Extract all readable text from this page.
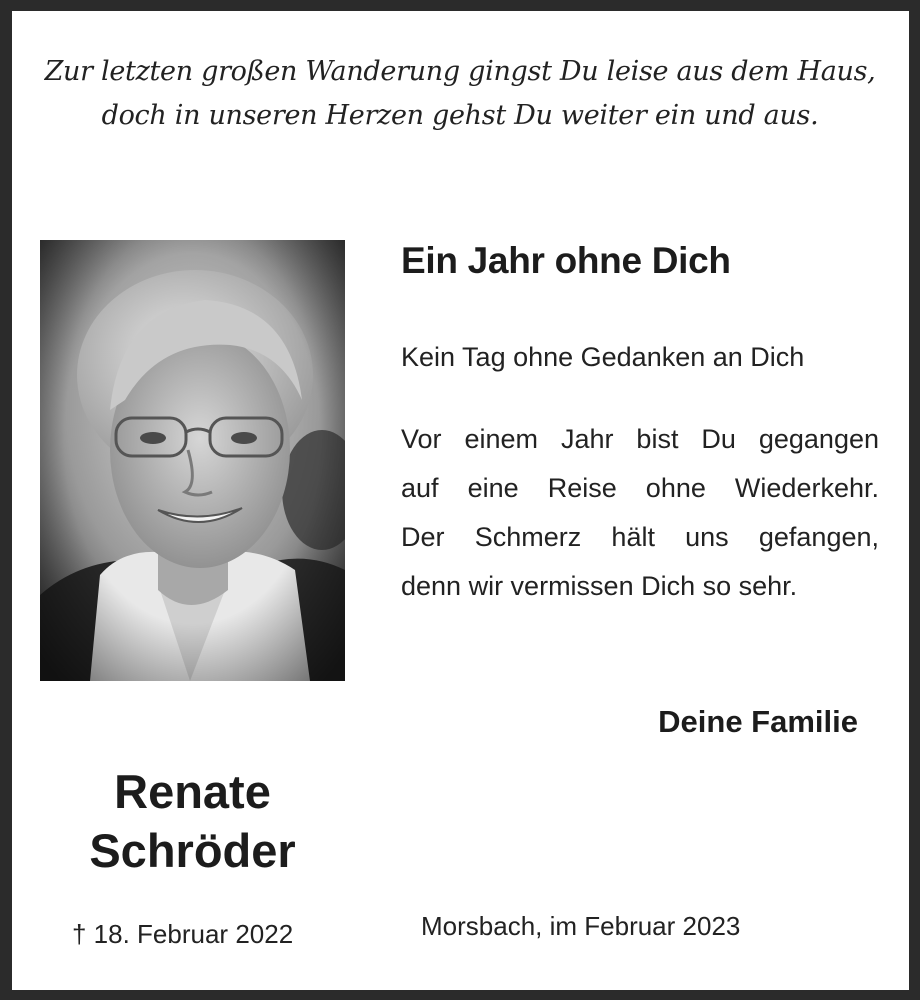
Zur letzten großen Wanderung gingst Du leise aus dem Haus,
doch in unseren Herzen gehst Du weiter ein und aus.
Ein Jahr ohne Dich
Kein Tag ohne Gedanken an Dich
Vor einem Jahr bist Du gegangen
auf eine Reise ohne Wiederkehr.
Der Schmerz hält uns gefangen,
denn wir vermissen Dich so sehr.
Deine Familie
Renate
Schröder
† 18. Februar 2022	Morsbach, im Februar 2023
